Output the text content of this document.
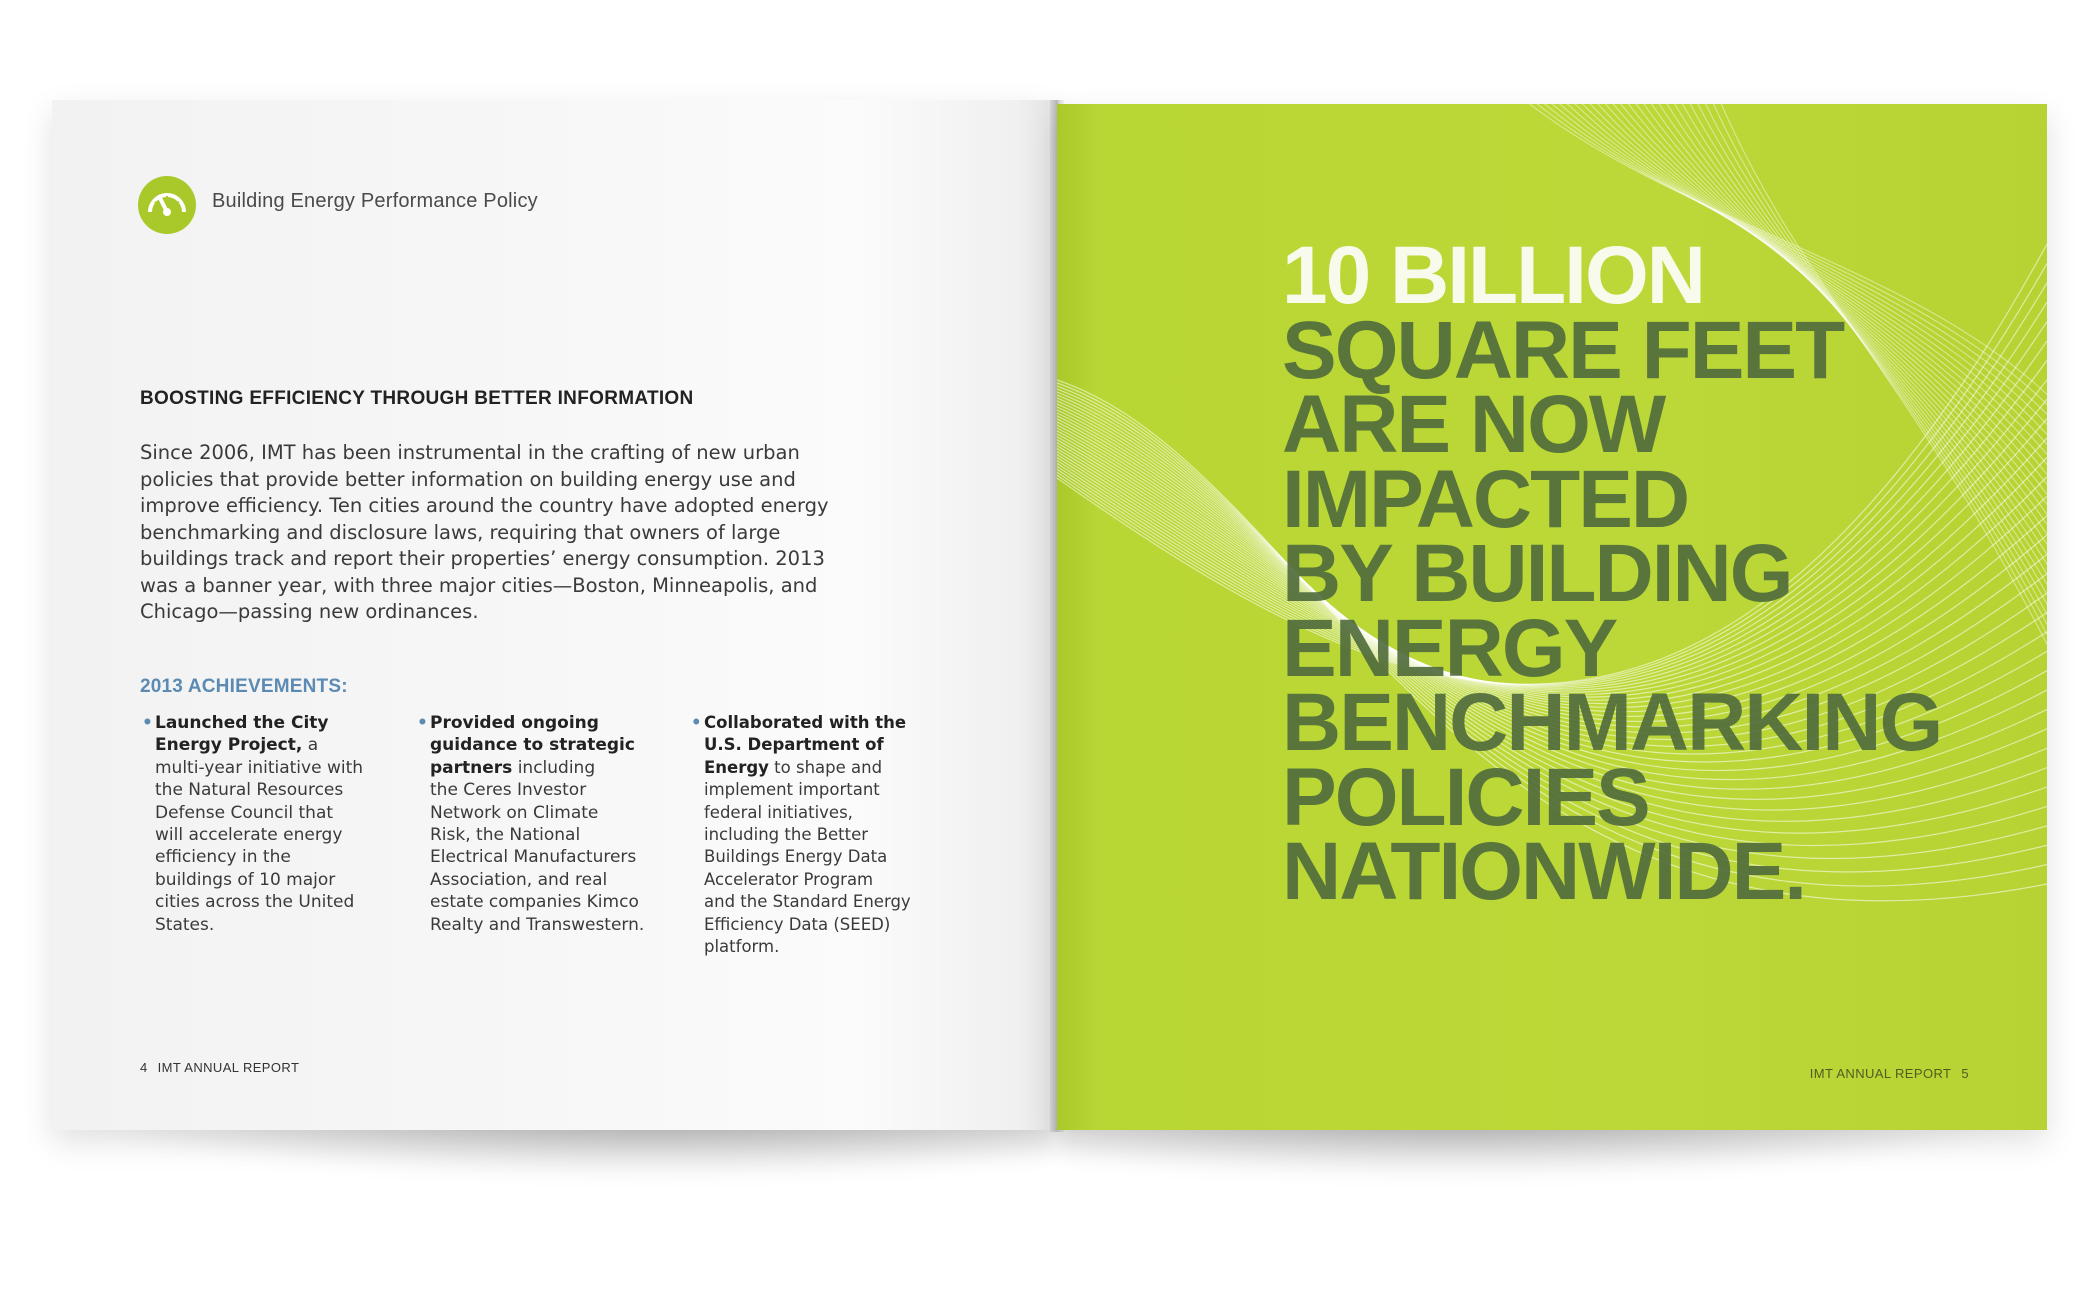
Building Energy Performance Policy
BOOSTING EFFICIENCY THROUGH BETTER INFORMATION
Since 2006, IMT has been instrumental in the crafting of new urban
policies that provide better information on building energy use and
improve efficiency. Ten cities around the country have adopted energy
benchmarking and disclosure laws, requiring that owners of large
buildings track and report their properties’ energy consumption. 2013
was a banner year, with three major cities—Boston, Minneapolis, and
Chicago—passing new ordinances.
2013 ACHIEVEMENTS:
• Launched the City
Energy Project, a
multi-year initiative with
the Natural Resources
Defense Council that
will accelerate energy
efficiency in the
buildings of 10 major
cities across the United
States.
• Provided ongoing
guidance to strategic
partners including
the Ceres Investor
Network on Climate
Risk, the National
Electrical Manufacturers
Association, and real
estate companies Kimco
Realty and Transwestern.
• Collaborated with the
U.S. Department of
Energy to shape and
implement important
federal initiatives,
including the Better
Buildings Energy Data
Accelerator Program
and the Standard Energy
Efficiency Data (SEED)
platform.
4 IMT ANNUAL REPORT
10 BILLION
SQUARE FEET
ARE NOW
IMPACTED
BY BUILDING
ENERGY
BENCHMARKING
POLICIES
NATIONWIDE.
IMT ANNUAL REPORT 5
